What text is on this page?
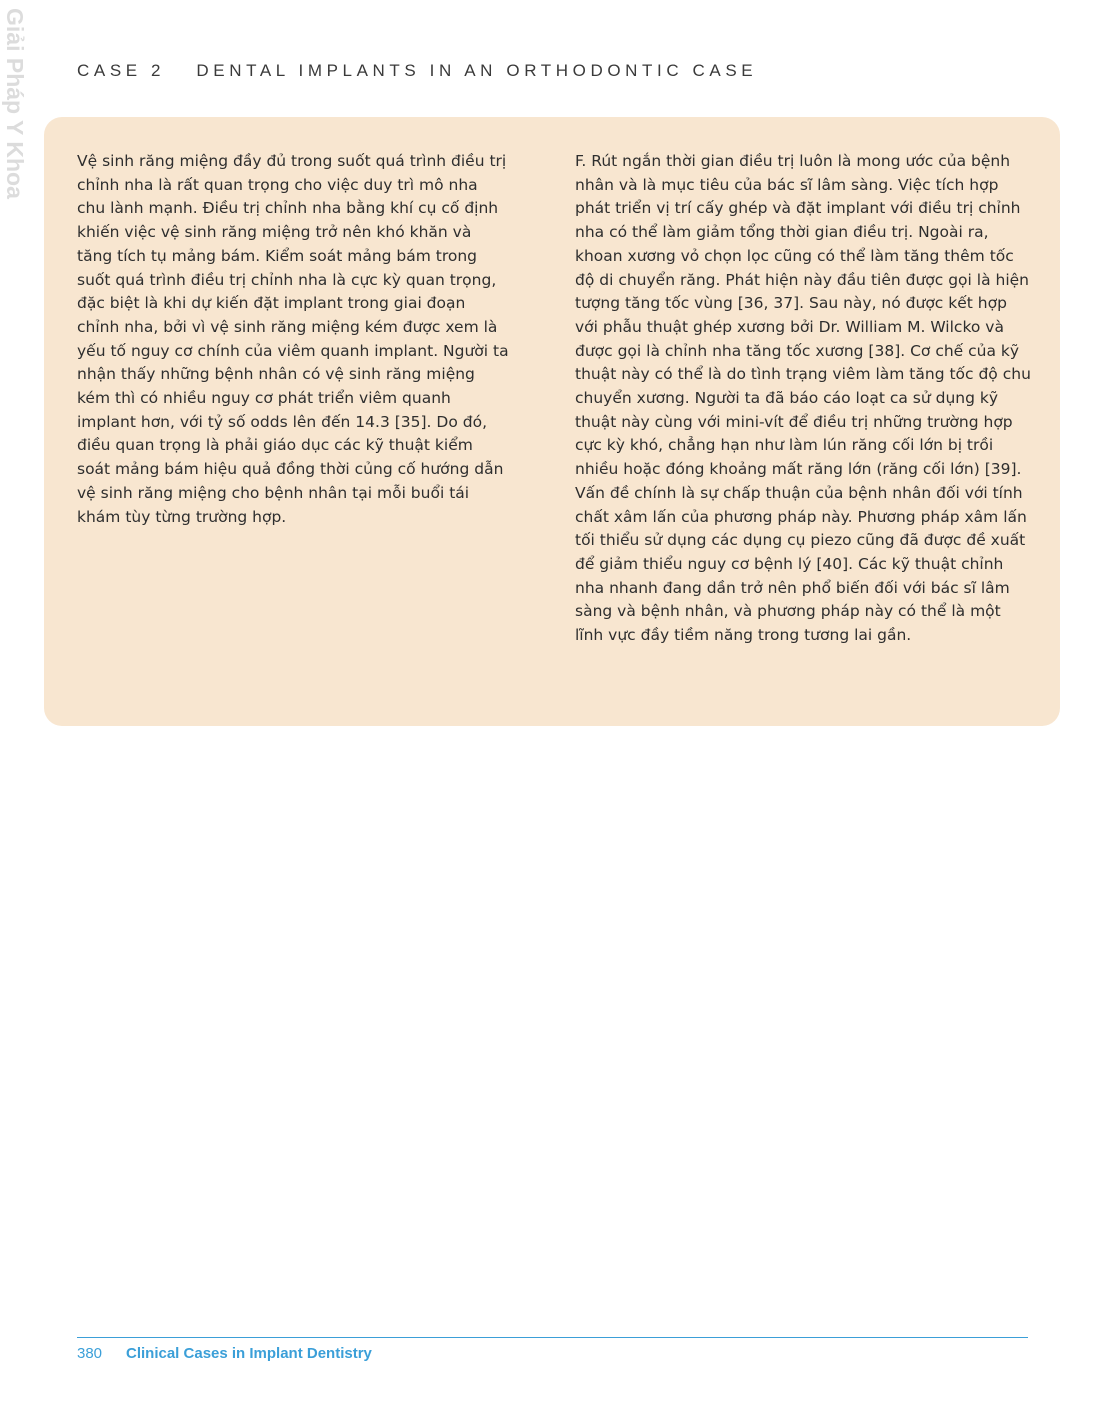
Giải Pháp Y Khoa	CASE 2 DENTAL IMPLANTS IN AN ORTHODONTIC CASE

Vệ sinh răng miệng đầy đủ trong suốt quá trình điều trị chỉnh nha là rất quan trọng cho việc duy trì mô nha chu lành mạnh. Điều trị chỉnh nha bằng khí cụ cố định khiến việc vệ sinh răng miệng trở nên khó khăn và tăng tích tụ mảng bám. Kiểm soát mảng bám trong suốt quá trình điều trị chỉnh nha là cực kỳ quan trọng, đặc biệt là khi dự kiến đặt implant trong giai đoạn chỉnh nha, bởi vì vệ sinh răng miệng kém được xem là yếu tố nguy cơ chính của viêm quanh implant. Người ta nhận thấy những bệnh nhân có vệ sinh răng miệng kém thì có nhiều nguy cơ phát triển viêm quanh implant hơn, với tỷ số odds lên đến 14.3 [35]. Do đó, điều quan trọng là phải giáo dục các kỹ thuật kiểm soát mảng bám hiệu quả đồng thời củng cố hướng dẫn vệ sinh răng miệng cho bệnh nhân tại mỗi buổi tái khám tùy từng trường hợp.

F. Rút ngắn thời gian điều trị luôn là mong ước của bệnh nhân và là mục tiêu của bác sĩ lâm sàng. Việc tích hợp phát triển vị trí cấy ghép và đặt implant với điều trị chỉnh nha có thể làm giảm tổng thời gian điều trị. Ngoài ra, khoan xương vỏ chọn lọc cũng có thể làm tăng thêm tốc độ di chuyển răng. Phát hiện này đầu tiên được gọi là hiện tượng tăng tốc vùng [36, 37]. Sau này, nó được kết hợp với phẫu thuật ghép xương bởi Dr. William M. Wilcko và được gọi là chỉnh nha tăng tốc xương [38]. Cơ chế của kỹ thuật này có thể là do tình trạng viêm làm tăng tốc độ chu chuyển xương. Người ta đã báo cáo loạt ca sử dụng kỹ thuật này cùng với mini-vít để điều trị những trường hợp cực kỳ khó, chẳng hạn như làm lún răng cối lớn bị trồi nhiều hoặc đóng khoảng mất răng lớn (răng cối lớn) [39]. Vấn đề chính là sự chấp thuận của bệnh nhân đối với tính chất xâm lấn của phương pháp này. Phương pháp xâm lấn tối thiểu sử dụng các dụng cụ piezo cũng đã được đề xuất để giảm thiểu nguy cơ bệnh lý [40]. Các kỹ thuật chỉnh nha nhanh đang dần trở nên phổ biến đối với bác sĩ lâm sàng và bệnh nhân, và phương pháp này có thể là một lĩnh vực đầy tiềm năng trong tương lai gần.

380 Clinical Cases in Implant Dentistry
